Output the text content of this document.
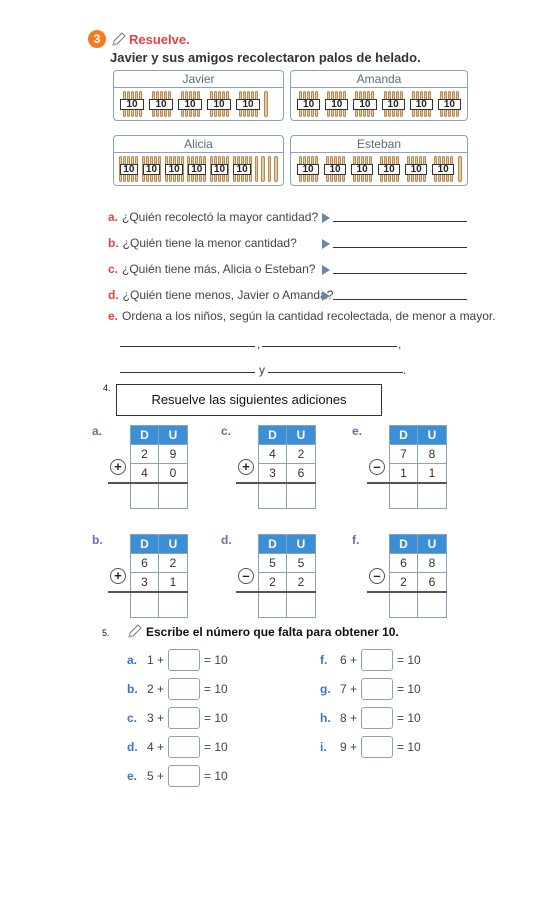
3	Resuelve.
Javier y sus amigos recolectaron palos de helado.
Javier
10	10	10	10	10
Amanda
10	10	10	10	10	10
Alicia
10	10	10	10	10	10
Esteban
10	10	10	10	10	10
a. ¿Quién recolectó la mayor cantidad?
b. ¿Quién tiene la menor cantidad?
c. ¿Quién tiene más, Alicia o Esteban?
d. ¿Quién tiene menos, Javier o Amanda?
e. Ordena a los niños, según la cantidad recolectada, de menor a mayor.
,	,
y	.
4.
Resuelve las siguientes adiciones
a.	D	U
2	9
4	0
+
c.	D	U
4	2
3	6
+
e.	D	U
7	8
1	1
–
b.	D	U
6	2
3	1
+
d.	D	U
5	5
2	2
–
f.	D	U
6	8
2	6
–
5.	Escribe el número que falta para obtener 10.
a. 1 +	= 10
b. 2 +	= 10
c. 3 +	= 10
d. 4 +	= 10
e. 5 +	= 10
f.	6 +	= 10
g. 7 +	= 10
h. 8 +	= 10
i.	9 +	= 10
